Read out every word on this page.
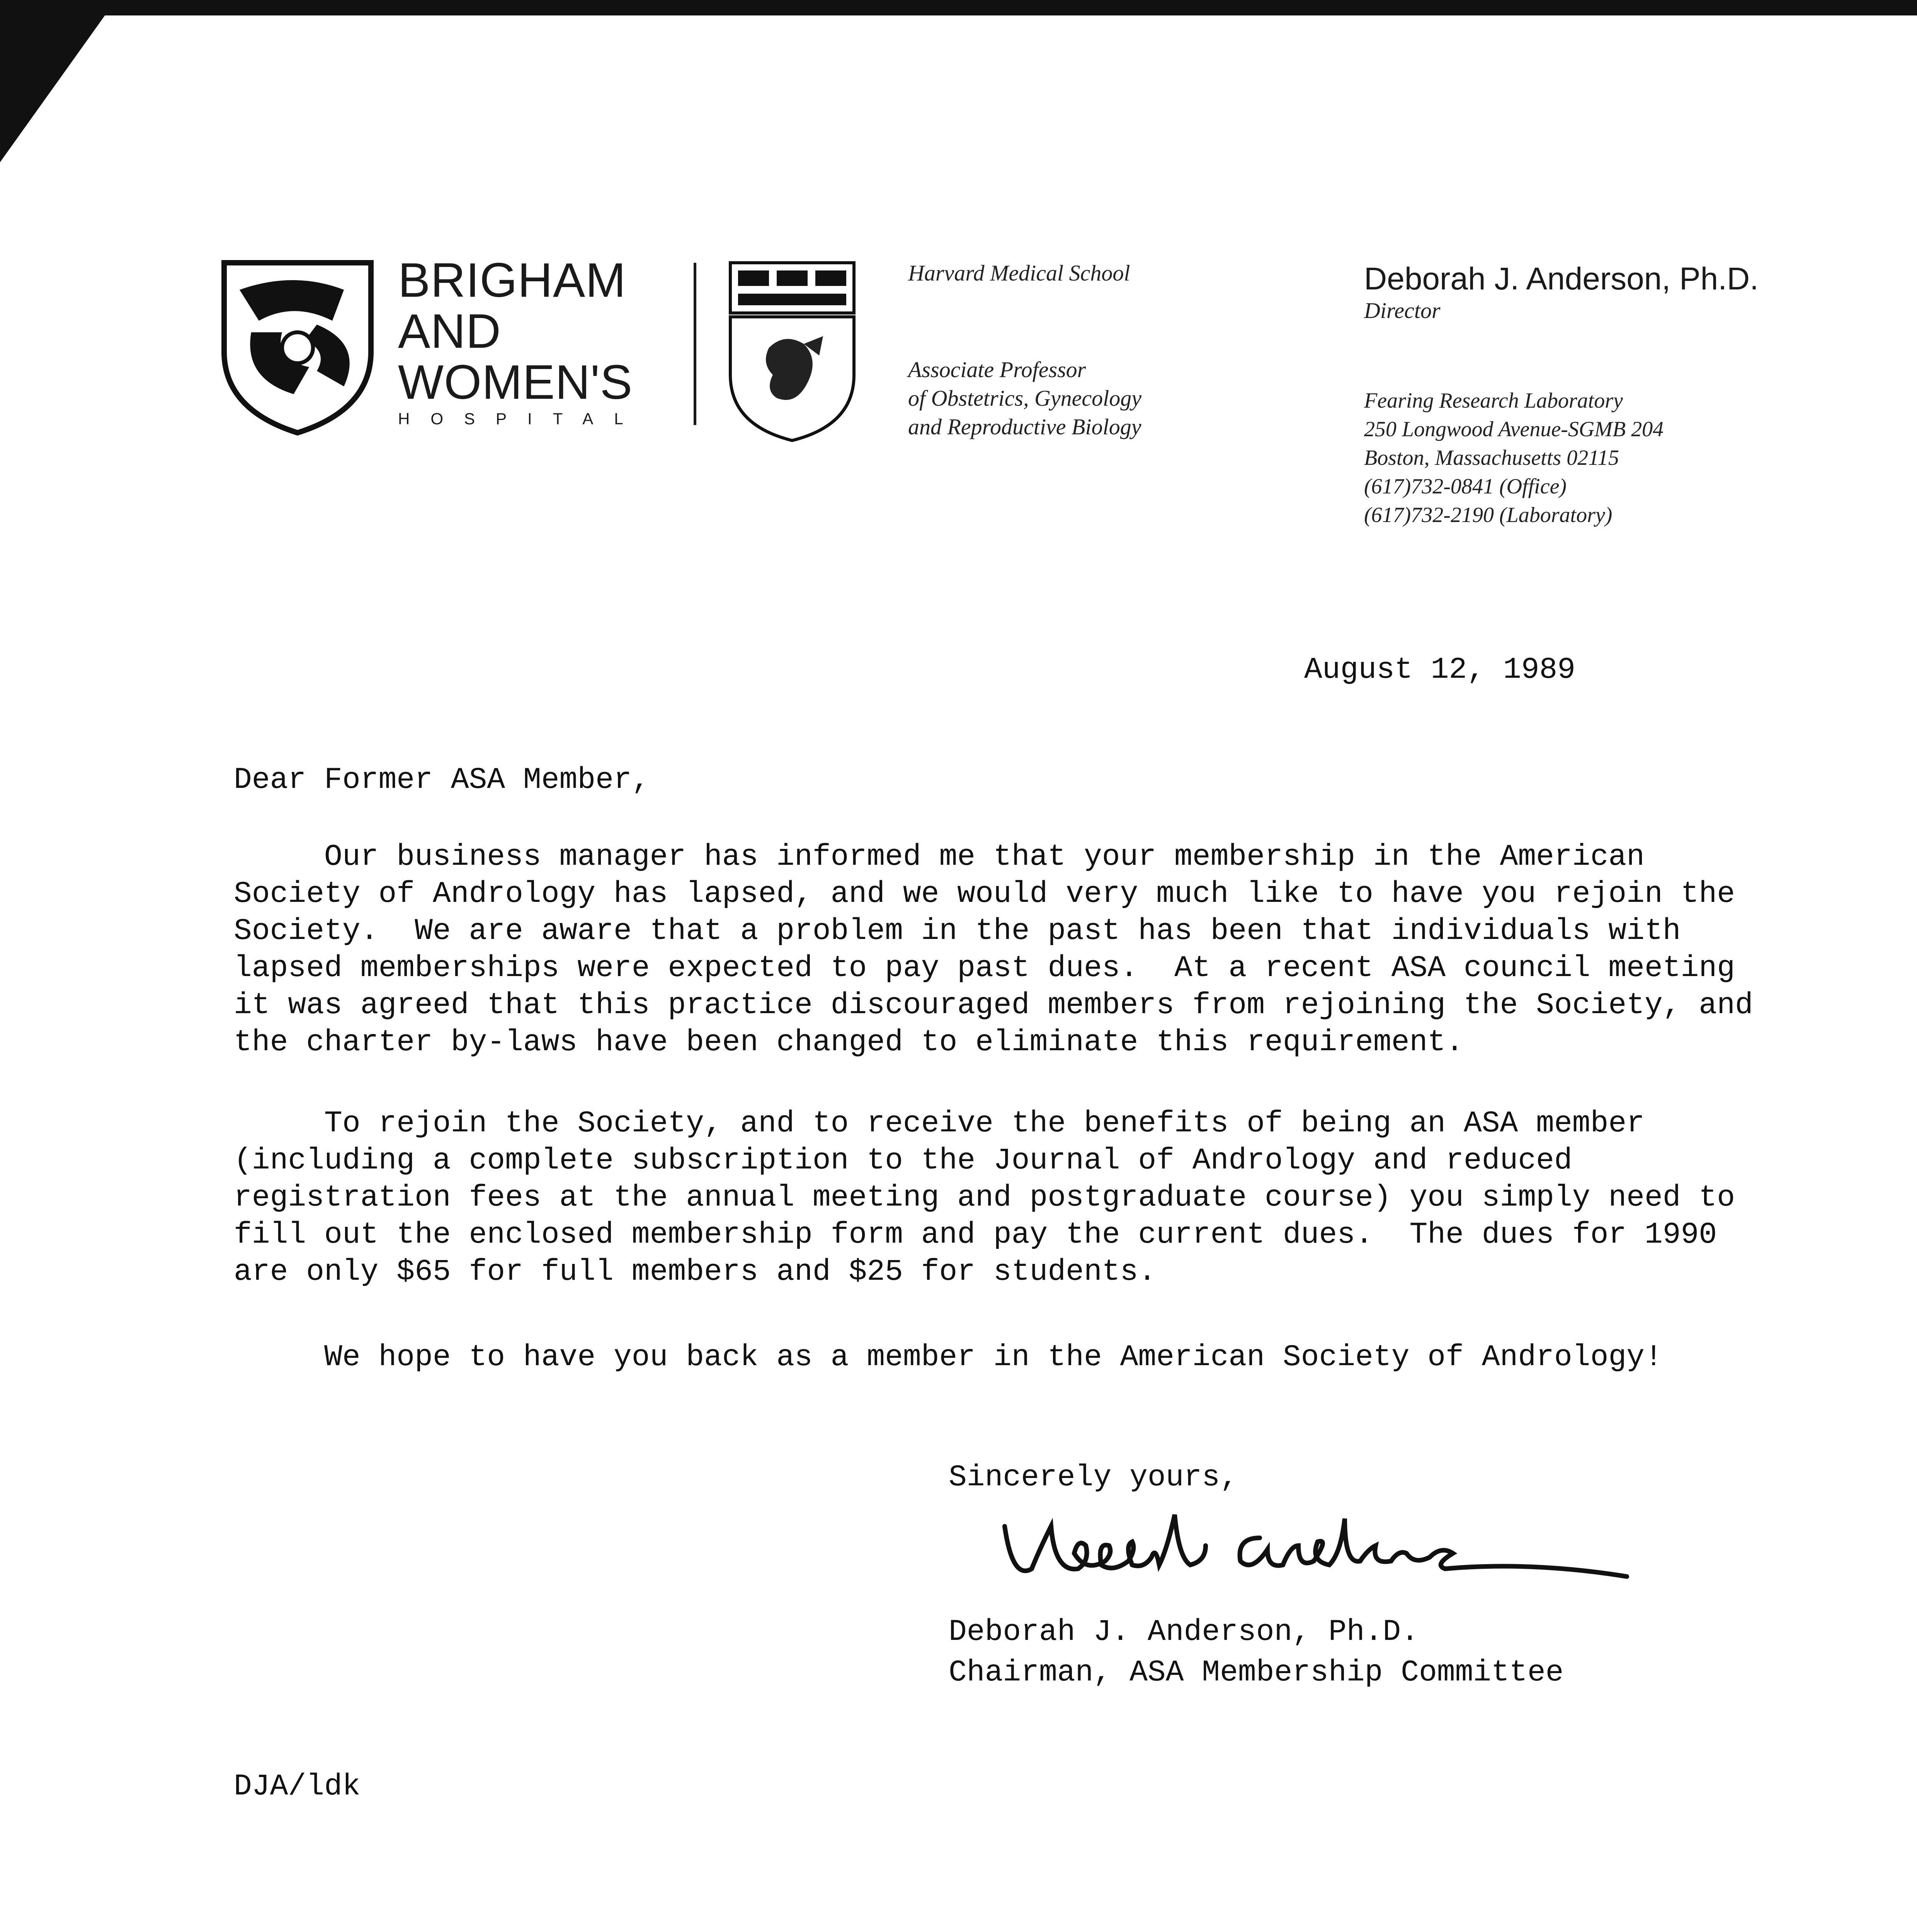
BRIGHAM
AND
WOMEN'S
HOSPITAL
Harvard Medical School
Associate Professor
of Obstetrics, Gynecology
and Reproductive Biology
Deborah J. Anderson, Ph.D.
Director
Fearing Research Laboratory
250 Longwood Avenue-SGMB 204
Boston, Massachusetts 02115
(617)732-0841 (Office)
(617)732-2190 (Laboratory)
August 12, 1989
Dear Former ASA Member,
Our business manager has informed me that your membership in the American
Society of Andrology has lapsed, and we would very much like to have you rejoin the
Society.  We are aware that a problem in the past has been that individuals with
lapsed memberships were expected to pay past dues.  At a recent ASA council meeting
it was agreed that this practice discouraged members from rejoining the Society, and
the charter by-laws have been changed to eliminate this requirement.
To rejoin the Society, and to receive the benefits of being an ASA member
(including a complete subscription to the Journal of Andrology and reduced
registration fees at the annual meeting and postgraduate course) you simply need to
fill out the enclosed membership form and pay the current dues.  The dues for 1990
are only $65 for full members and $25 for students.
We hope to have you back as a member in the American Society of Andrology!
Sincerely yours,
Deborah J. Anderson, Ph.D.
Chairman, ASA Membership Committee
DJA/ldk
